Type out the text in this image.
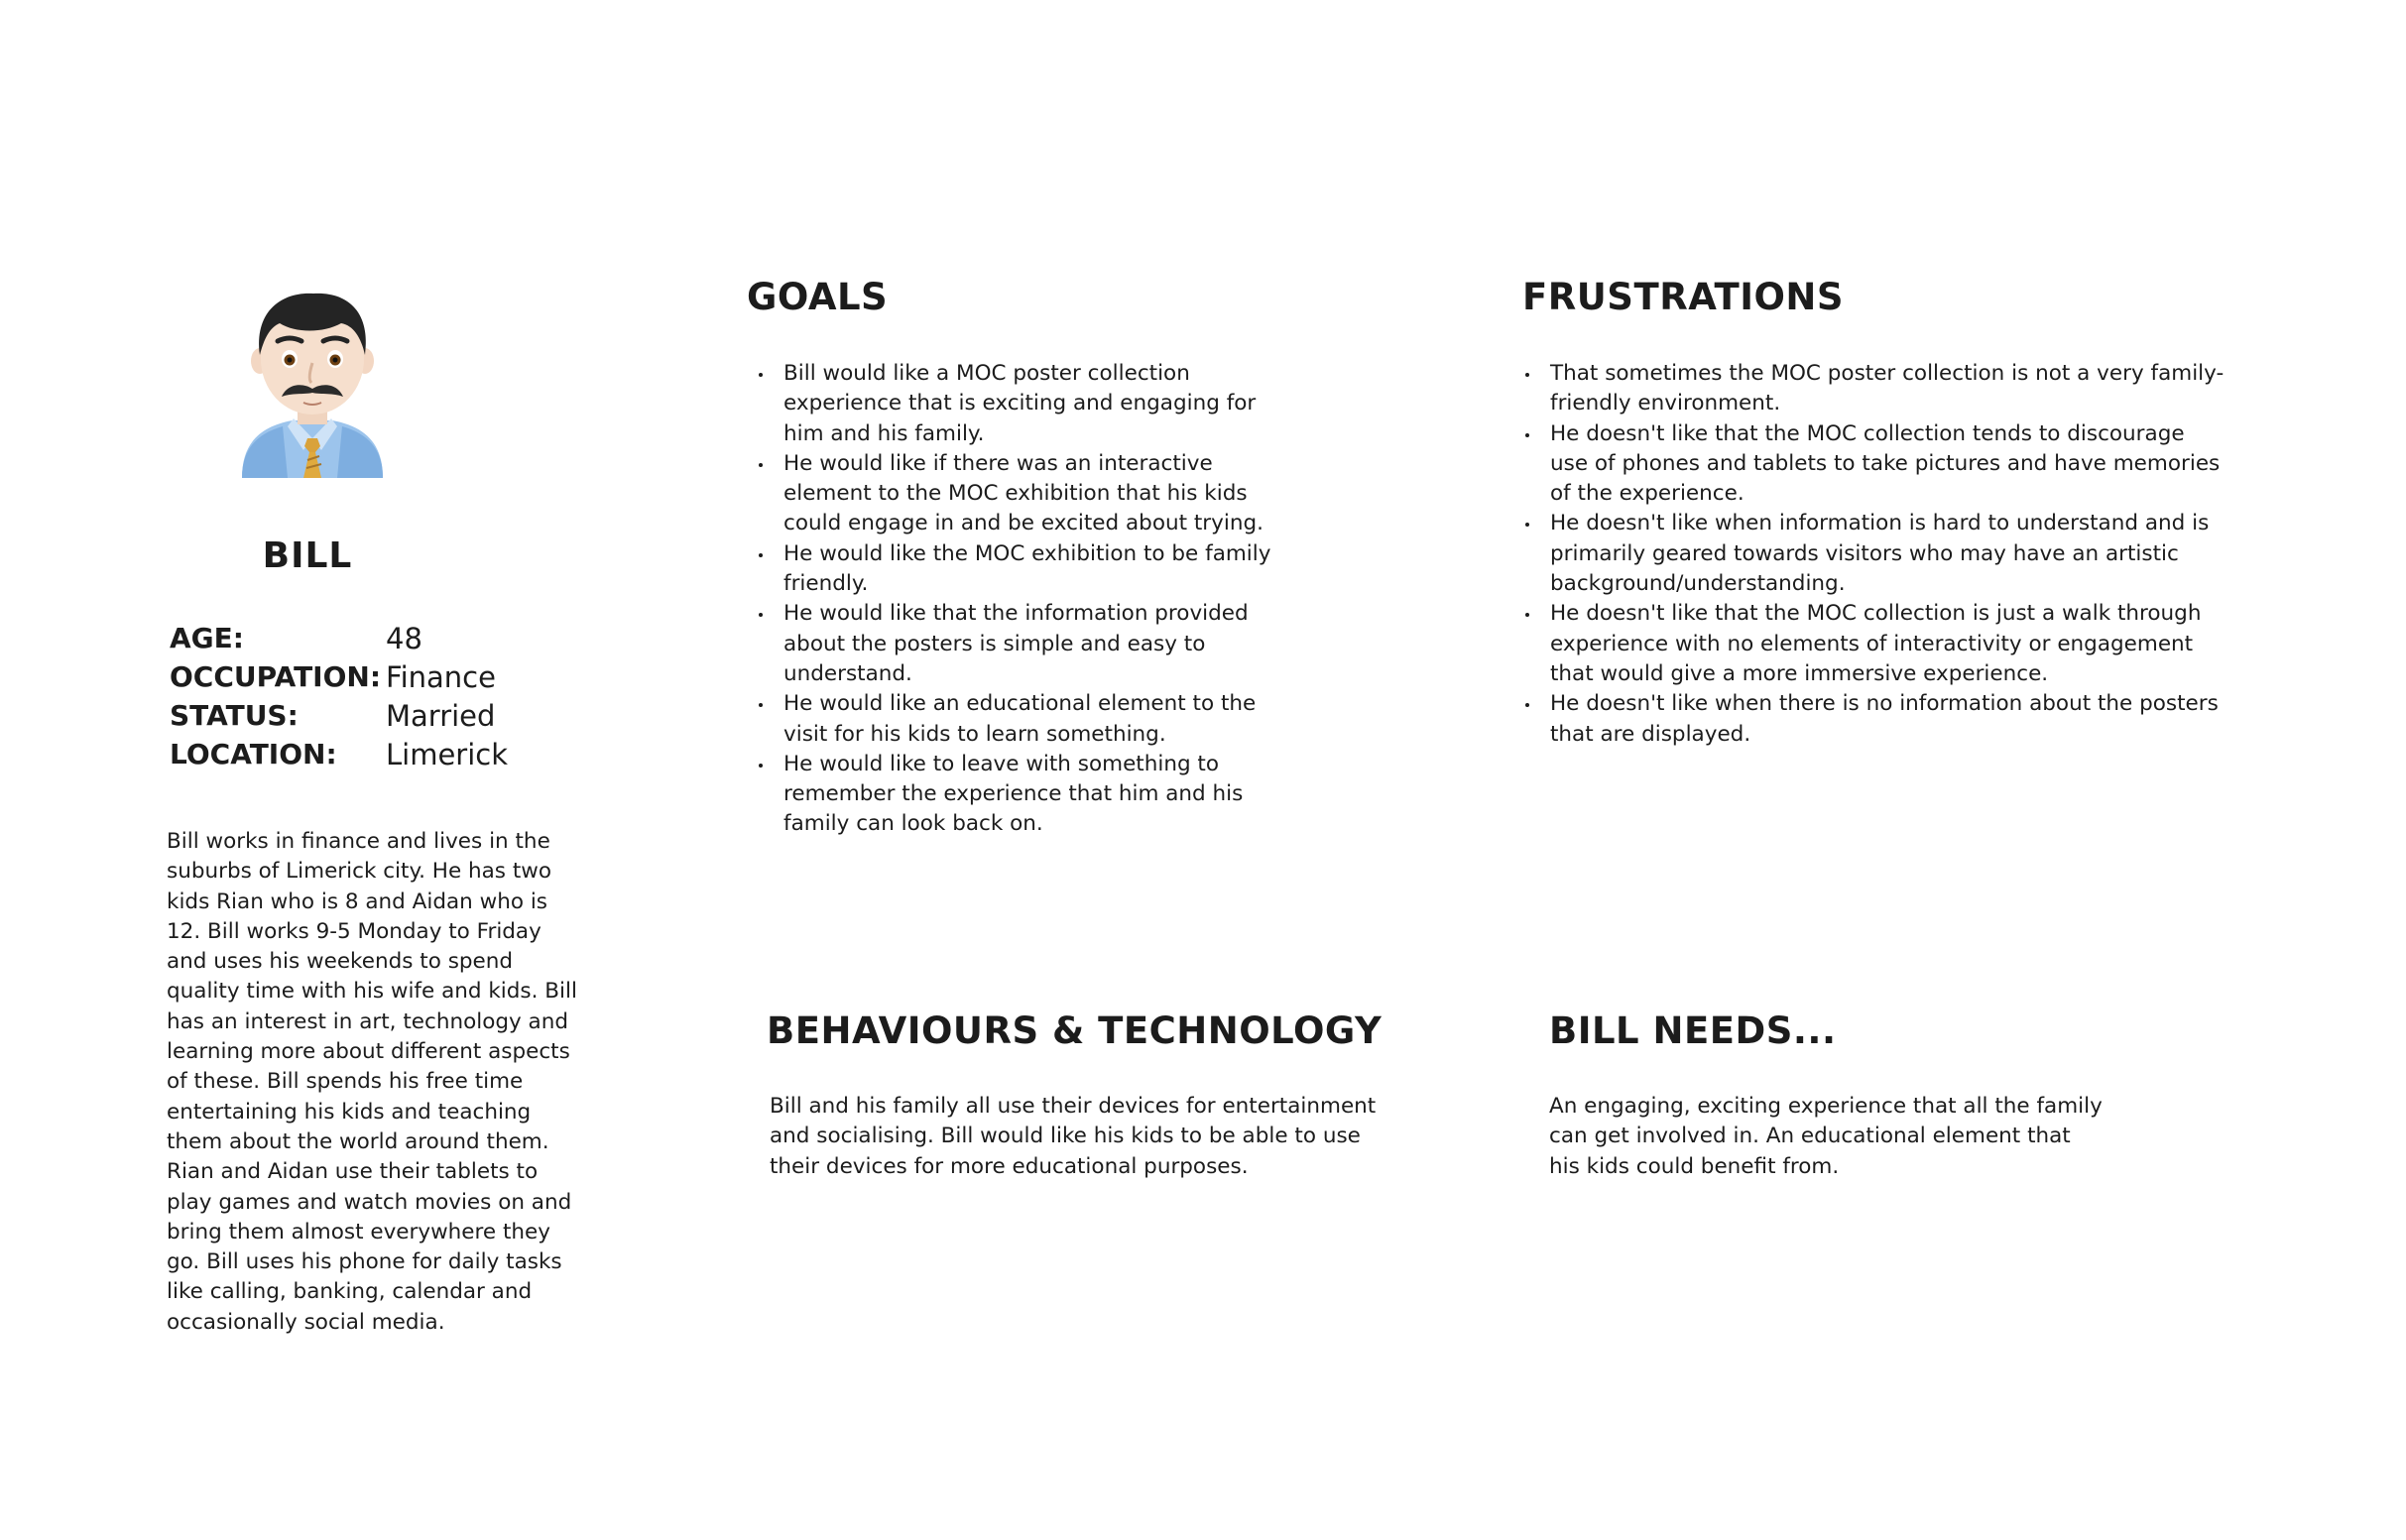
BILL
AGE:	48
OCCUPATION: Finance
STATUS:	Married
LOCATION:	Limerick

Bill works in finance and lives in the suburbs of Limerick city. He has two kids Rian who is 8 and Aidan who is 12. Bill works 9-5 Monday to Friday and uses his weekends to spend quality time with his wife and kids. Bill has an interest in art, technology and learning more about different aspects of these. Bill spends his free time entertaining his kids and teaching them about the world around them. Rian and Aidan use their tablets to play games and watch movies on and bring them almost everywhere they go. Bill uses his phone for daily tasks like calling, banking, calendar and occasionally social media.

GOALS
Bill would like a MOC poster collection experience that is exciting and engaging for him and his family.
He would like if there was an interactive element to the MOC exhibition that his kids could engage in and be excited about trying.
He would like the MOC exhibition to be family friendly.
He would like that the information provided about the posters is simple and easy to understand.
He would like an educational element to the visit for his kids to learn something.
He would like to leave with something to remember the experience that him and his family can look back on.
FRUSTRATIONS
That sometimes the MOC poster collection is not a very family-friendly environment.
He doesn't like that the MOC collection tends to discourage use of phones and tablets to take pictures and have memories of the experience.
He doesn't like when information is hard to understand and is primarily geared towards visitors who may have an artistic background/understanding.
He doesn't like that the MOC collection is just a walk through experience with no elements of interactivity or engagement that would give a more immersive experience.
He doesn't like when there is no information about the posters that are displayed.
BEHAVIOURS & TECHNOLOGY

Bill and his family all use their devices for entertainment and socialising. Bill would like his kids to be able to use their devices for more educational purposes.

BILL NEEDS...

An engaging, exciting experience that all the family can get involved in. An educational element that his kids could benefit from.
